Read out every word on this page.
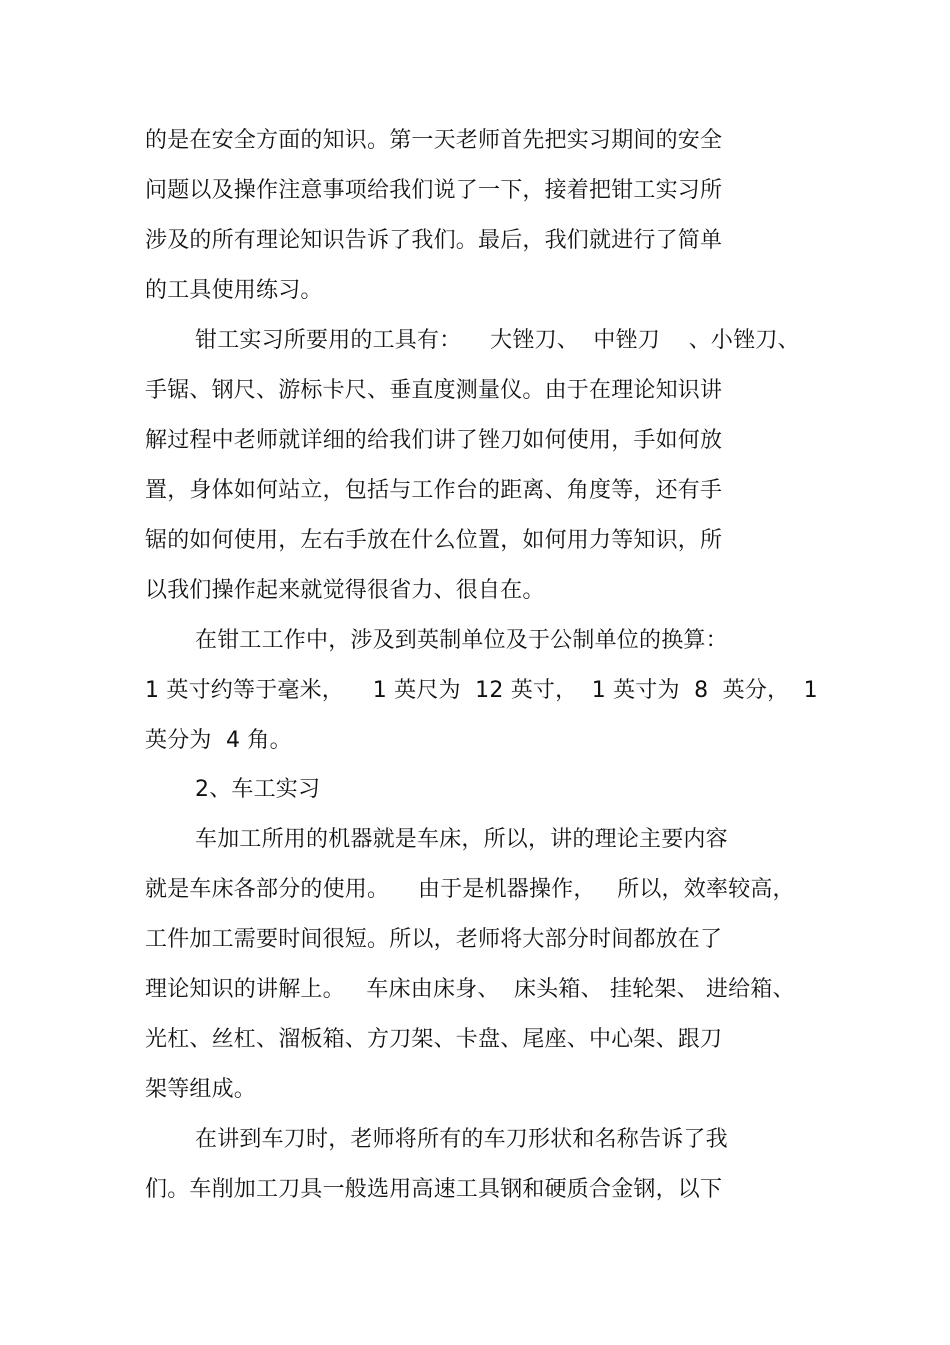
的是在安全方面的知识。第一天老师首先把实习期间的安全
问题以及操作注意事项给我们说了一下，接着把钳工实习所
涉及的所有理论知识告诉了我们。最后，我们就进行了简单
的工具使用练习。
钳工实习所要用的工具有：    大锉刀、  中锉刀    、小锉刀、
手锯、钢尺、游标卡尺、垂直度测量仪。由于在理论知识讲
解过程中老师就详细的给我们讲了锉刀如何使用，手如何放
置，身体如何站立，包括与工作台的距离、角度等，还有手
锯的如何使用，左右手放在什么位置，如何用力等知识，所
以我们操作起来就觉得很省力、很自在。
在钳工工作中，涉及到英制单位及于公制单位的换算：
1 英寸约等于毫米，    1 英尺为  12 英寸，  1 英寸为  8  英分，  1
英分为  4 角。
2、车工实习
车加工所用的机器就是车床，所以，讲的理论主要内容
就是车床各部分的使用。    由于是机器操作，   所以，效率较高，
工件加工需要时间很短。所以，老师将大部分时间都放在了
理论知识的讲解上。   车床由床身、  床头箱、 挂轮架、 进给箱、
光杠、丝杠、溜板箱、方刀架、卡盘、尾座、中心架、跟刀
架等组成。
在讲到车刀时，老师将所有的车刀形状和名称告诉了我
们。车削加工刀具一般选用高速工具钢和硬质合金钢，以下
